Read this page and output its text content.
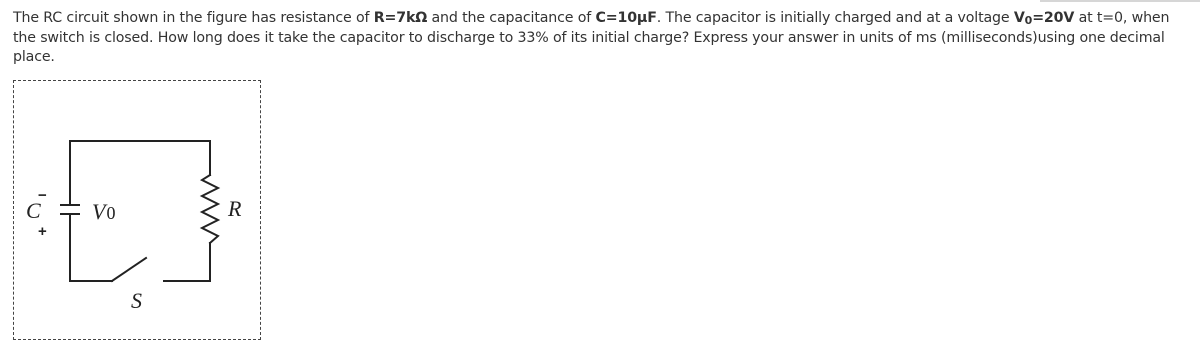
The RC circuit shown in the figure has resistance of R=7kΩ and the capacitance of C=10μF. The capacitor is initially charged and at a voltage $V_0=20V$ at t=0, when the switch is closed. How long does it take the capacitor to discharge to 33% of its initial charge? Express your answer in units of ms (milliseconds)using one decimal place.
C V0	R
S
−
+
